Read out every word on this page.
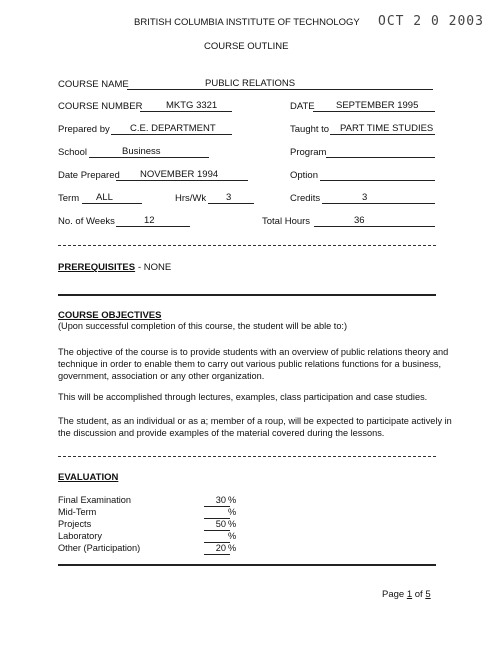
BRITISH COLUMBIA INSTITUTE OF TECHNOLOGY OCT 2 0 2003
COURSE OUTLINE
COURSE NAME	PUBLIC RELATIONS
COURSE NUMBER MKTG 3321	DATE SEPTEMBER 1995
Prepared by C.E. DEPARTMENT	Taught to PART TIME STUDIES
School	Business	Program
Date Prepared NOVEMBER 1994	Option
Term ALL	Hrs/Wk 3	Credits	3
No. of Weeks	12	Total Hours	36
PREREQUISITES - NONE
COURSE OBJECTIVES
(Upon successful completion of this course, the student will be able to:)
The objective of the course is to provide students with an overview of public relations theory and technique in order to enable them to carry out various public relations functions for a business, government, association or any other organization.
This will be accomplished through lectures, examples, class participation and case studies.
The student, as an individual or as a; member of a roup, will be expected to participate actively in the discussion and provide examples of the material covered during the lessons.
EVALUATION
Final Examination	30 %
Mid-Term	%
Projects	50 %
Laboratory	%
Other (Participation)	20 %
Page 1 of 5
